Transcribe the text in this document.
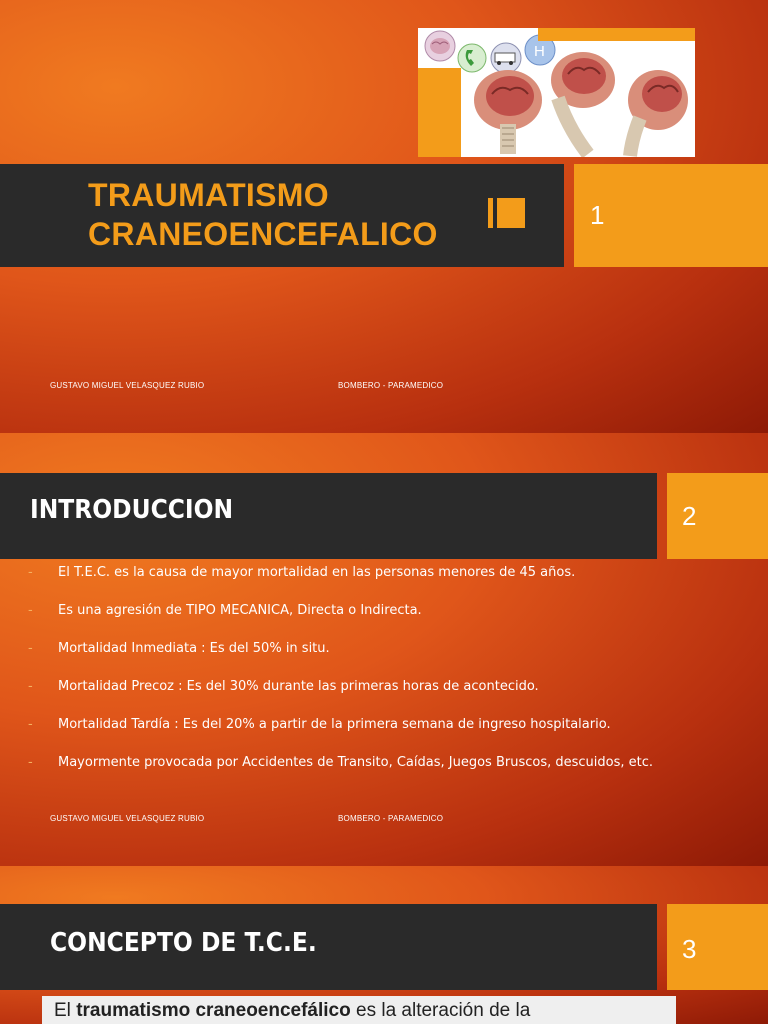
TRAUMATISMO
CRANEOENCEFALICO
1
H
GUSTAVO MIGUEL VELASQUEZ RUBIO	BOMBERO - PARAMEDICO
INTRODUCCION	2
- El T.E.C. es la causa de mayor mortalidad en las personas menores de 45 años.
- Es una agresión de TIPO MECANICA, Directa o Indirecta.
- Mortalidad Inmediata : Es del 50% in situ.
- Mortalidad Precoz : Es del 30% durante las primeras horas de acontecido.
- Mortalidad Tardía : Es del 20% a partir de la primera semana de ingreso hospitalario.
- Mayormente provocada por Accidentes de Transito, Caídas, Juegos Bruscos, descuidos, etc.
GUSTAVO MIGUEL VELASQUEZ RUBIO	BOMBERO - PARAMEDICO
CONCEPTO DE T.C.E.	3

El traumatismo craneoencefálico es la alteración de la
